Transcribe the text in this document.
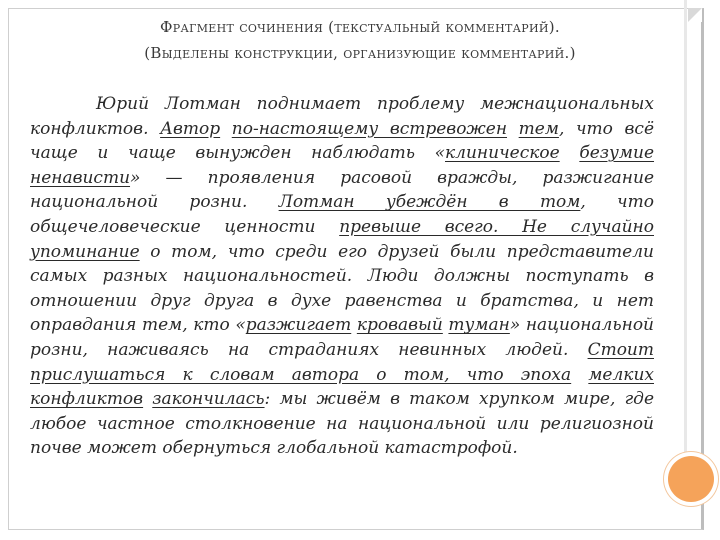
Фрагмент сочинения (текстуальный комментарий).
(Выделены конструкции, организующие комментарий.)
Юрий Лотман поднимает проблему межнациональных конфликтов. Автор по-настоящему встревожен тем, что всё чаще и чаще вынужден наблюдать «клиническое безумие ненависти» — проявления расовой вражды, разжигание национальной розни. Лотман убеждён в том, что общечеловеческие ценности превыше всего. Не случайно упоминание о том, что среди его друзей были представители самых разных национальностей. Люди должны поступать в отношении друг друга в духе равенства и братства, и нет оправдания тем, кто «разжигает кровавый туман» национальной розни, наживаясь на страданиях невинных людей. Стоит прислушаться к словам автора о том, что эпоха мелких конфликтов закончилась: мы живём в таком хрупком мире, где любое частное столкновение на национальной или религиозной почве может обернуться глобальной катастрофой.
